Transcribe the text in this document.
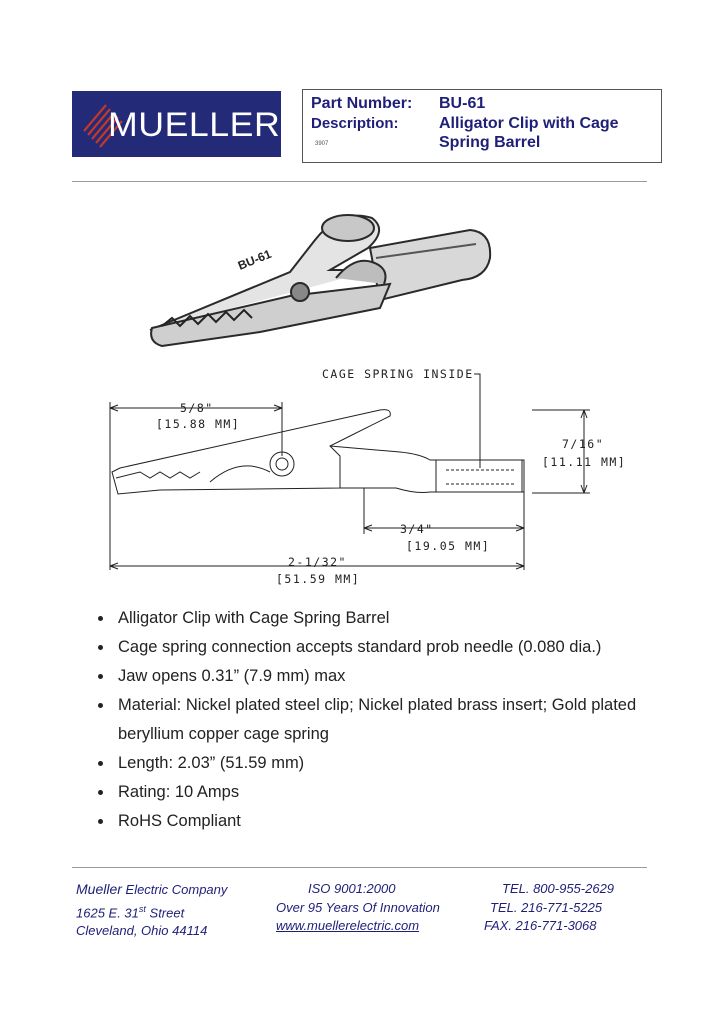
MUELLER
Part Number: BU-61
Description:	Alligator Clip with Cage Spring Barrel
3907
BU-61
CAGE SPRING INSIDE
5/8"
[15.88 MM]
7/16"
[11.11 MM]
3/4"
[19.05 MM]
2-1/32"
[51.59 MM]
Alligator Clip with Cage Spring Barrel
Cage spring connection accepts standard prob needle (0.080 dia.)
Jaw opens 0.31” (7.9 mm) max
Material: Nickel plated steel clip; Nickel plated brass insert; Gold plated beryllium copper cage spring
Length: 2.03” (51.59 mm)
Rating: 10 Amps
RoHS Compliant
Mueller Electric Company
1625 E. 31st Street
Cleveland, Ohio 44114
ISO 9001:2000
Over 95 Years Of Innovation
www.muellerelectric.com
TEL. 800-955-2629
TEL. 216-771-5225
FAX. 216-771-3068
